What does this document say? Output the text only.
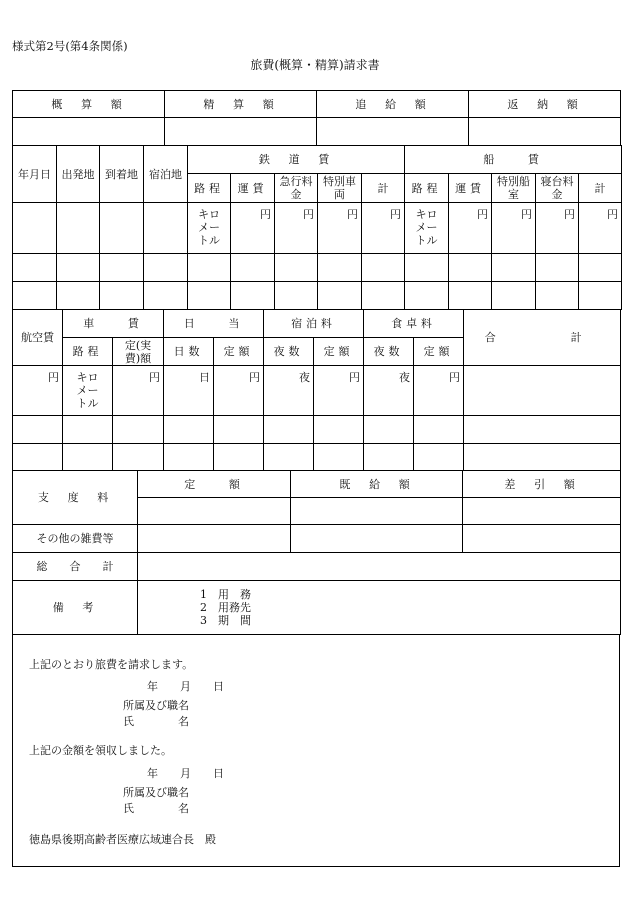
様式第2号(第4条関係)
旅費(概算・精算)請求書
概　算　額	精　算　額	追　給　額	返　納　額

年月日	出発地	到着地	宿泊地	鉄　道　賃					船　　賃				
				路程	運賃	急行料金	特別車両	計	路程	運賃	特別船室	寝台料金	計

				キロメートル	円	円	円	円	キロメートル	円	円	円	円

航空賃	車　　賃		日　　当		宿泊料		食卓料		合　　計
	路程	定(実費)額	日数	定額	夜数	定額	夜数	定額	
円	キロメートル	円	日	円	夜	円	夜	円	

支　度　料	定　　額	既　給　額	差　引　額

その他の雑費等			
総　　合　　計			
備　考	1　用　務
2　用務先
3　期　間		
上記のとおり旅費を請求します。
年　　月　　日
所属及び職名
氏　　　　名
上記の金額を領収しました。
年　　月　　日
所属及び職名
氏　　　　名
徳島県後期高齢者医療広域連合長　殿
